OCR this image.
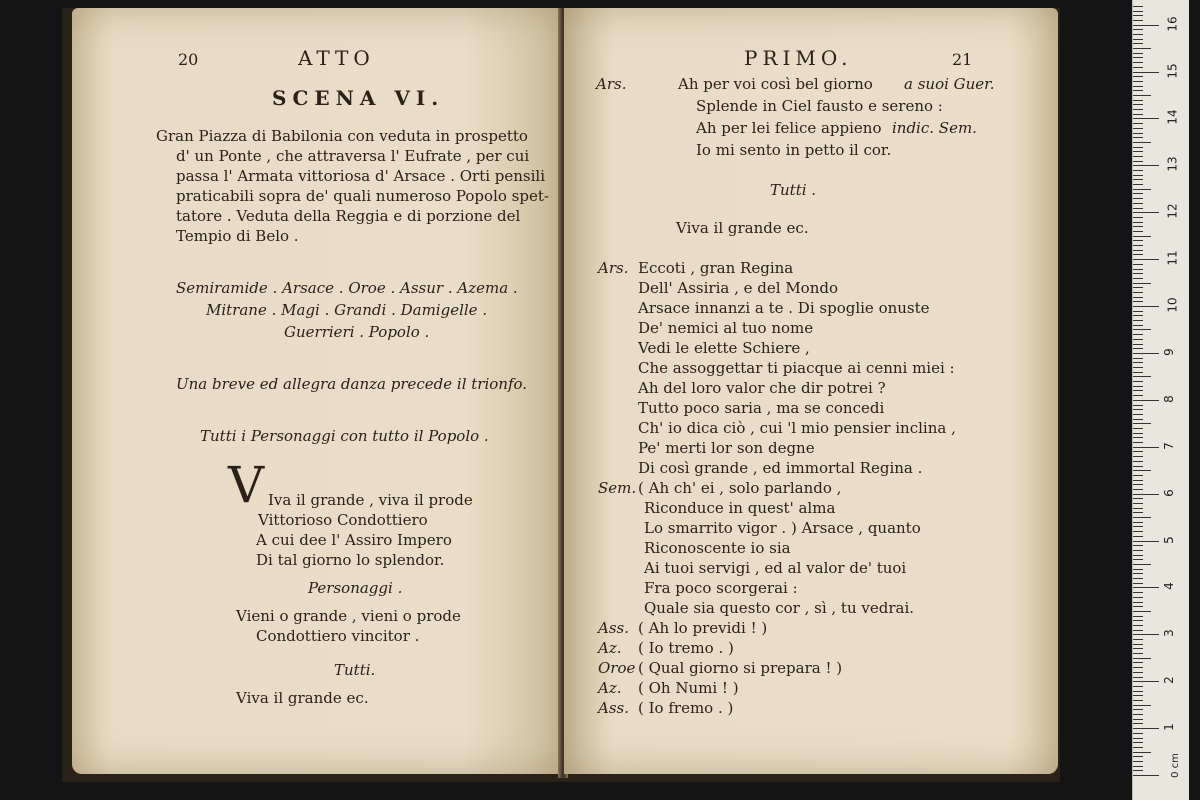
20	ATTO
SCENA VI.
Gran Piazza di Babilonia con veduta in prospetto
d' un Ponte , che attraversa l' Eufrate , per cui
passa l' Armata vittoriosa d' Arsace . Orti pensili
praticabili sopra de' quali numeroso Popolo spet-
tatore . Veduta della Reggia e di porzione del
Tempio di Belo .
Semiramide . Arsace . Oroe . Assur . Azema .
Mitrane . Magi . Grandi . Damigelle .
Guerrieri . Popolo .
Una breve ed allegra danza precede il trionfo.
Tutti i Personaggi con tutto il Popolo .
V Iva il grande , viva il prode
Vittorioso Condottiero
A cui dee l' Assiro Impero
Di tal giorno lo splendor.
Personaggi .
Vieni o grande , vieni o prode
Condottiero vincitor .
Tutti.
Viva il grande ec.
PRIMO.	21
Ars.	Ah per voi così bel giorno a suoi Guer.
Splende in Ciel fausto e sereno :
Ah per lei felice appieno indic. Sem.
Io mi sento in petto il cor.
Tutti .
Viva il grande ec.
Ars. Eccoti , gran Regina
Dell' Assiria , e del Mondo
Arsace innanzi a te . Di spoglie onuste
De' nemici al tuo nome
Vedi le elette Schiere ,
Che assoggettar ti piacque ai cenni miei :
Ah del loro valor che dir potrei ?
Tutto poco saria , ma se concedi
Ch' io dica ciò , cui 'l mio pensier inclina ,
Pe' merti lor son degne
Di così grande , ed immortal Regina .
Sem. ( Ah ch' ei , solo parlando ,
Riconduce in quest' alma
Lo smarrito vigor . ) Arsace , quanto
Riconoscente io sia
Ai tuoi servigi , ed al valor de' tuoi
Fra poco scorgerai :
Quale sia questo cor , sì , tu vedrai.
Ass. ( Ah lo previdi ! )
Az. ( Io tremo . )
Oroe ( Qual giorno si prepara ! )
Az. ( Oh Numi ! )
Ass. ( Io fremo . )
0 cm
1
2
3
4
5
6
7
8
9
10
11
12
13
14
15
16
